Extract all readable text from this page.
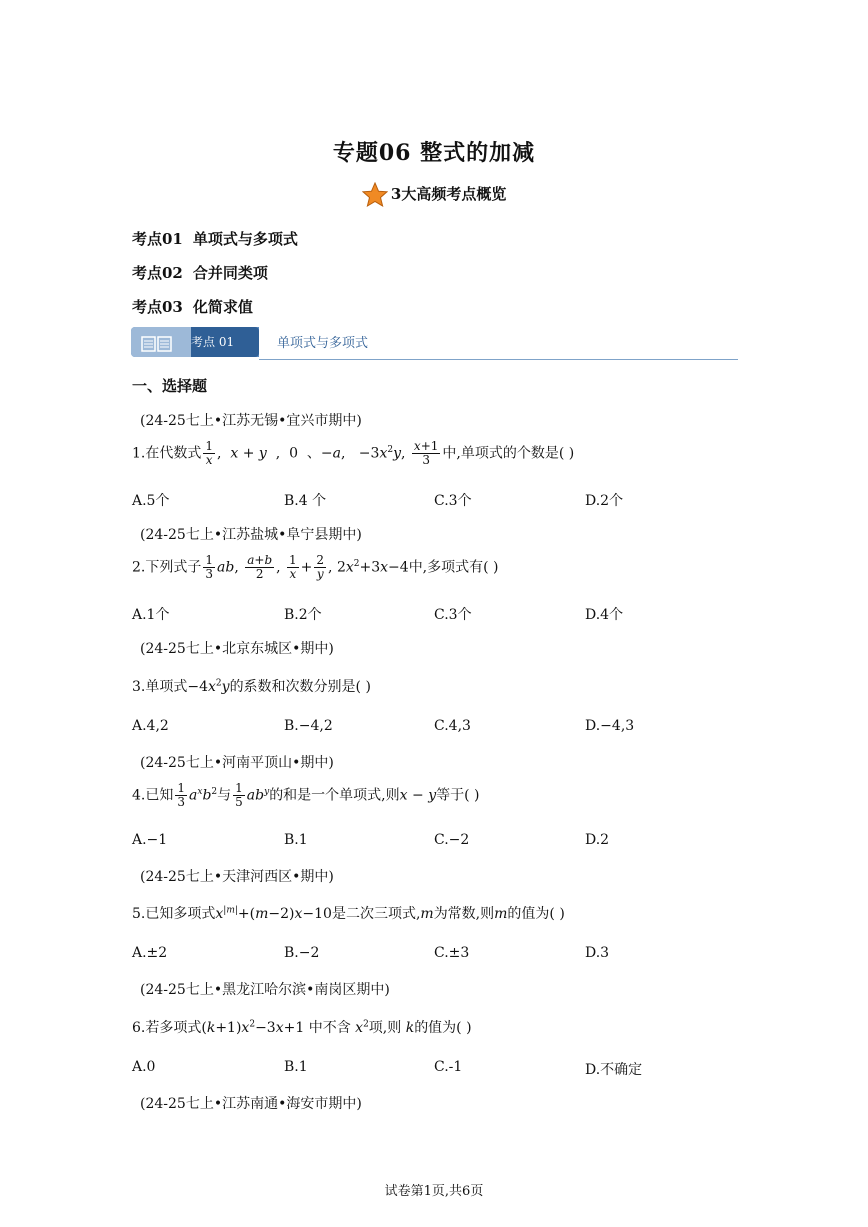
专题06 整式的加减
3大高频考点概览
考点01 单项式与多项式
考点02 合并同类项
考点03 化简求值
考点 01	单项式与多项式
一、选择题
(24-25七上•江苏无锡•宜兴市期中)
1.在代数式 $\frac{1}{x}$ ,  x + y  ,  0  、−a,   $-3x^2y$, $\frac{x+1}{3}$ 中,单项式的个数是( )
A.5个	B.4 个	C.3个	D.2个
(24-25七上•江苏盐城•阜宁县期中)
2.下列式子 $\frac{1}{3}$ ab, $\frac{a+b}{2}$ , $\frac{1}{x} + \frac{2}{y}$ , $2x^2+3x-4$中,多项式有( )
A.1个	B.2个	C.3个	D.4个
(24-25七上•北京东城区•期中)
3.单项式$-4x^2y$的系数和次数分别是( )
A.4,2	B.−4,2	C.4,3	D.−4,3
(24-25七上•河南平顶山•期中)
4.已知 $\frac{1}{3} a^xb^2$与 $\frac{1}{5} ab^y$的和是一个单项式,则x − y等于( )
A.−1	B.1	C.−2	D.2
(24-25七上•天津河西区•期中)
5.已知多项式$x^{|m|}+(m-2)x-10$是二次三项式,m为常数,则m的值为( )
A.±2	B.−2	C.±3	D.3
(24-25七上•黑龙江哈尔滨•南岗区期中)
6.若多项式$(k+1)x^2-3x+1$ 中不含 $x^2$项,则 k的值为( )
A.0	B.1	C.-1	D.不确定
(24-25七上•江苏南通•海安市期中)
试卷第1页,共6页
